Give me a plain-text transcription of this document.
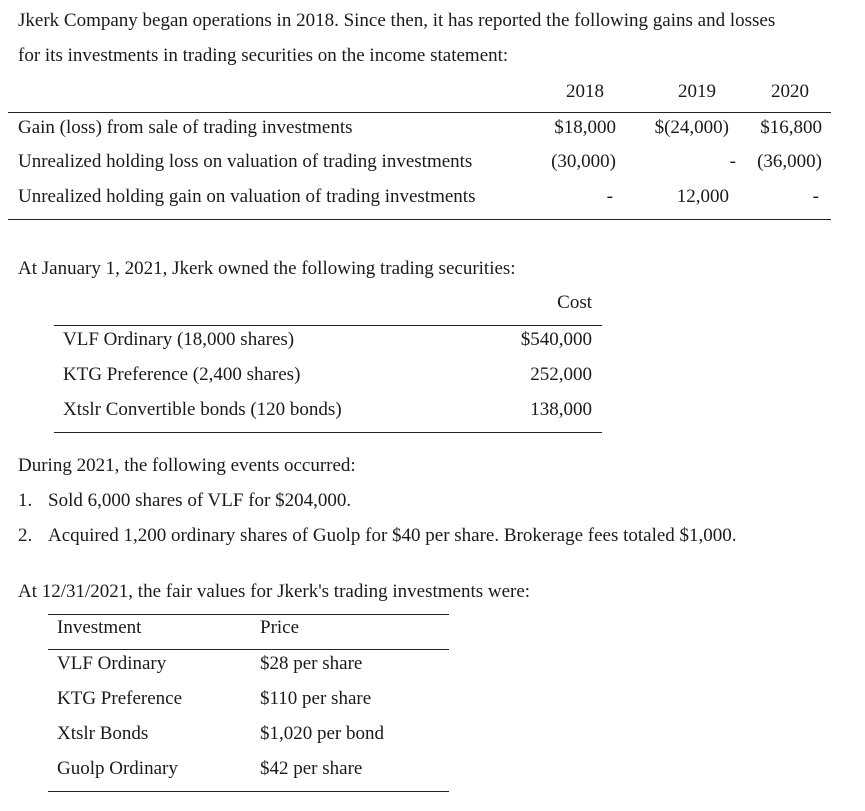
Jkerk Company began operations in 2018. Since then, it has reported the following gains and losses
for its investments in trading securities on the income statement:
2018	2019	2020
Gain (loss) from sale of trading investments	$18,000 $(24,000) $16,800
Unrealized holding loss on valuation of trading investments	(30,000)	- (36,000)
Unrealized holding gain on valuation of trading investments	-	12,000	-
At January 1, 2021, Jkerk owned the following trading securities:
Cost
VLF Ordinary (18,000 shares)	$540,000
KTG Preference (2,400 shares)	252,000
Xtslr Convertible bonds (120 bonds)	138,000
During 2021, the following events occurred:
1. Sold 6,000 shares of VLF for $204,000.
2. Acquired 1,200 ordinary shares of Guolp for $40 per share. Brokerage fees totaled $1,000.
At 12/31/2021, the fair values for Jkerk's trading investments were:
Investment	Price
VLF Ordinary	$28 per share
KTG Preference	$110 per share
Xtslr Bonds	$1,020 per bond
Guolp Ordinary	$42 per share
